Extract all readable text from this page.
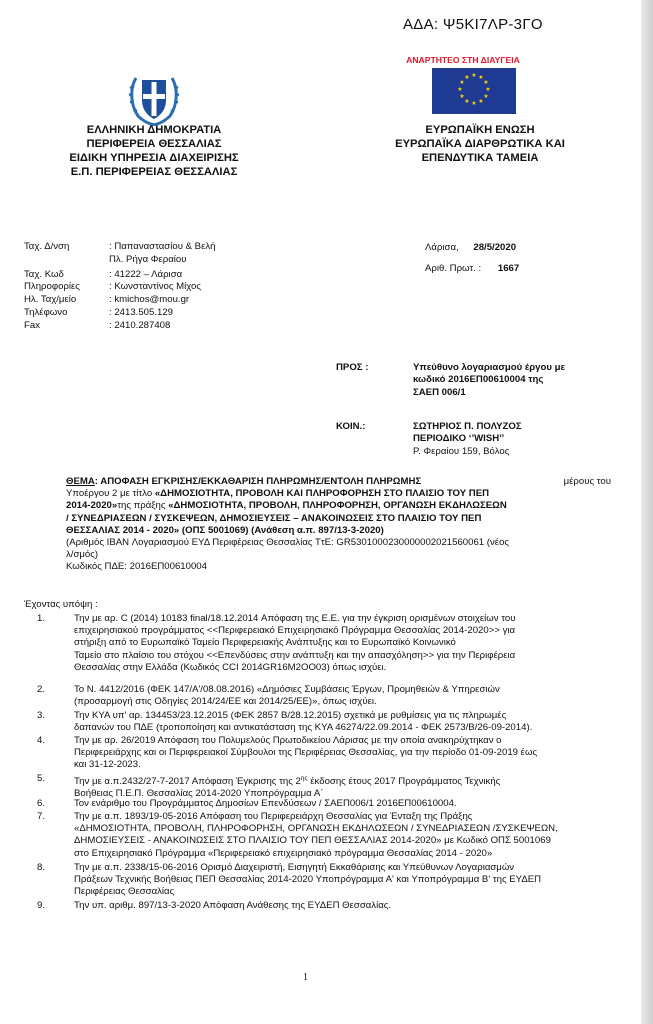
ΑΔΑ: Ψ5ΚΙ7ΛΡ-3ΓΟ
ΕΛΛΗΝΙΚΗ ΔΗΜΟΚΡΑΤΙΑ
ΠΕΡΙΦΕΡΕΙΑ ΘΕΣΣΑΛΙΑΣ
ΕΙΔΙΚΗ ΥΠΗΡΕΣΙΑ ΔΙΑΧΕΙΡΙΣΗΣ
Ε.Π. ΠΕΡΙΦΕΡΕΙΑΣ ΘΕΣΣΑΛΙΑΣ
ΑΝΑΡΤΗΤΕΟ ΣΤΗ ΔΙΑΥΓΕΙΑ
★ ★
★
★
★
★
★
★
★
★
★
★
ΕΥΡΩΠΑΪΚΗ ΕΝΩΣΗ
ΕΥΡΩΠΑΪΚΑ ΔΙΑΡΘΡΩΤΙΚΑ ΚΑΙ
ΕΠΕΝΔΥΤΙΚΑ ΤΑΜΕΙΑ
Ταχ. Δ/νση	: Παπαναστασίου & Βελή
Πλ. Ρήγα Φεραίου
Ταχ. Κωδ	: 41222 – Λάρισα
Πληροφορίες	: Κωνσταντίνος Μίχος
Ηλ. Ταχ/μείο	: kmichos@mou.gr
Τηλέφωνο	: 2413.505.129
Fax	: 2410.287408
Λάρισα, 28/5/2020
Αριθ. Πρωτ. : 1667
ΠΡΟΣ :	Υπεύθυνο λογαριασμού έργου με
κωδικό 2016ΕΠ00610004 της
ΣΑΕΠ 006/1
ΚΟΙΝ.:	ΣΩΤΗΡΙΟΣ Π. ΠΟΛΥΖΟΣ
ΠΕΡΙΟΔΙΚΟ ‘’WISH’’
Ρ. Φεραίου 159, Βόλος
ΘΕΜΑ: ΑΠΟΦΑΣΗ ΕΓΚΡΙΣΗΣ/ΕΚΚΑΘΑΡΙΣΗ ΠΛΗΡΩΜΗΣ/ΕΝΤΟΛΗ ΠΛΗΡΩΜΗΣ	μέρους του
Υποέργου 2 με τίτλο «ΔΗΜΟΣΙΟΤΗΤΑ, ΠΡΟΒΟΛΗ ΚΑΙ ΠΛΗΡΟΦΟΡΗΣΗ ΣΤΟ ΠΛΑΙΣΙΟ ΤΟΥ ΠΕΠ
2014-2020»της πράξης «ΔΗΜΟΣΙΟΤΗΤΑ, ΠΡΟΒΟΛΗ, ΠΛΗΡΟΦΟΡΗΣΗ, ΟΡΓΑΝΩΣΗ ΕΚΔΗΛΩΣΕΩΝ
/ ΣΥΝΕΔΡΙΑΣΕΩΝ / ΣΥΣΚΕΨΕΩΝ, ΔΗΜΟΣΙΕΥΣΕΙΣ – ΑΝΑΚΟΙΝΩΣΕΙΣ ΣΤΟ ΠΛΑΙΣΙΟ ΤΟΥ ΠΕΠ
ΘΕΣΣΑΛΙΑΣ 2014 - 2020» (ΟΠΣ 5001069) (Ανάθεση α.π. 897/13-3-2020)
(Αριθμός IBAN Λογαριασμού ΕΥΔ Περιφέρειας Θεσσαλίας ΤτΕ: GR5301000230000002021560061 (νέος
λ/σμός)
Κωδικός ΠΔΕ: 2016ΕΠ00610004
Έχοντας υπόψη :
1.	Την με αρ. C (2014) 10183 final/18.12.2014 Απόφαση της Ε.Ε. για την έγκριση ορισμένων στοιχείων του
επιχειρησιακού προγράμματος <<Περιφερειακό Επιχειρησιακό Πρόγραμμα Θεσσαλίας 2014-2020>> για
στήριξη από το Ευρωπαϊκό Ταμείο Περιφερειακής Ανάπτυξης και το Ευρωπαϊκό Κοινωνικό
Ταμείο στο πλαίσιο του στόχου <<Επενδύσεις στην ανάπτυξη και την απασχόληση>> για την Περιφέρεια
Θεσσαλίας στην Ελλάδα (Κωδικός CCI 2014GR16M2OO03) όπως ισχύει.
2.	Το Ν. 4412/2016 (ΦΕΚ 147/Α'/08.08.2016) «Δημόσιες Συμβάσεις Έργων, Προμηθειών & Υπηρεσιών
(προσαρμογή στις Οδηγίες 2014/24/ΕΕ και 2014/25/ΕΕ)», όπως ισχύει.
3.	Την ΚΥΑ υπ' αρ. 134453/23.12.2015 (ΦΕΚ 2857 Β/28.12.2015) σχετικά με ρυθμίσεις για τις πληρωμές
δαπανών του ΠΔΕ (τροποποίηση και αντικατάσταση της ΚΥΑ 46274/22.09.2014 - ΦΕΚ 2573/Β/26-09-2014).
4.	Την με αρ. 26/2019 Απόφαση του Πολυμελούς Πρωτοδικείου Λάρισας με την οποία ανακηρύχτηκαν ο
Περιφερειάρχης και οι Περιφερειακοί Σύμβουλοι της Περιφέρειας Θεσσαλίας, για την περίοδο 01-09-2019 έως
και 31-12-2023.
5.	Την με α.π.2432/27-7-2017 Απόφαση Έγκρισης της $2^{\eta\varsigma}$ έκδοσης έτους 2017 Προγράμματος Τεχνικής
Βοήθειας Π.Ε.Π. Θεσσαλίας 2014-2020 Υποπρόγραμμα Α΄
6.	Τον ενάριθμο του Προγράμματος Δημοσίων Επενδύσεων / ΣΑΕΠ006/1 2016ΕΠ00610004.
7.	Την με α.π. 1893/19-05-2016 Απόφαση του Περιφερειάρχη Θεσσαλίας για Ένταξη της Πράξης
«ΔΗΜΟΣΙΟΤΗΤΑ, ΠΡΟΒΟΛΗ, ΠΛΗΡΟΦΟΡΗΣΗ, ΟΡΓΑΝΩΣΗ ΕΚΔΗΛΩΣΕΩΝ / ΣΥΝΕΔΡΙΑΣΕΩΝ /ΣΥΣΚΕΨΕΩΝ,
ΔΗΜΟΣΙΕΥΣΕΙΣ - ΑΝΑΚΟΙΝΩΣΕΙΣ ΣΤΟ ΠΛΑΙΣΙΟ ΤΟΥ ΠΕΠ ΘΕΣΣΑΛΙΑΣ 2014-2020» με Κωδικό ΟΠΣ 5001069
στο Επιχειρησιακό Πρόγραμμα «Περιφερειακό επιχειρησιακό πρόγραμμα Θεσσαλίας 2014 - 2020»
8.	Την με α.π. 2338/15-06-2016 Ορισμό Διαχειριστή, Εισηγητή Εκκαθάρισης και Υπεύθυνων Λογαριασμών
Πράξεων Τεχνικής Βοήθειας ΠΕΠ Θεσσαλίας 2014-2020 Υποπρόγραμμα Α' και Υποπρόγραμμα Β' της ΕΥΔΕΠ
Περιφέρειας Θεσσαλίας
9.	Την υπ. αριθμ. 897/13-3-2020 Απόφαση Ανάθεσης της ΕΥΔΕΠ Θεσσαλίας.
1
